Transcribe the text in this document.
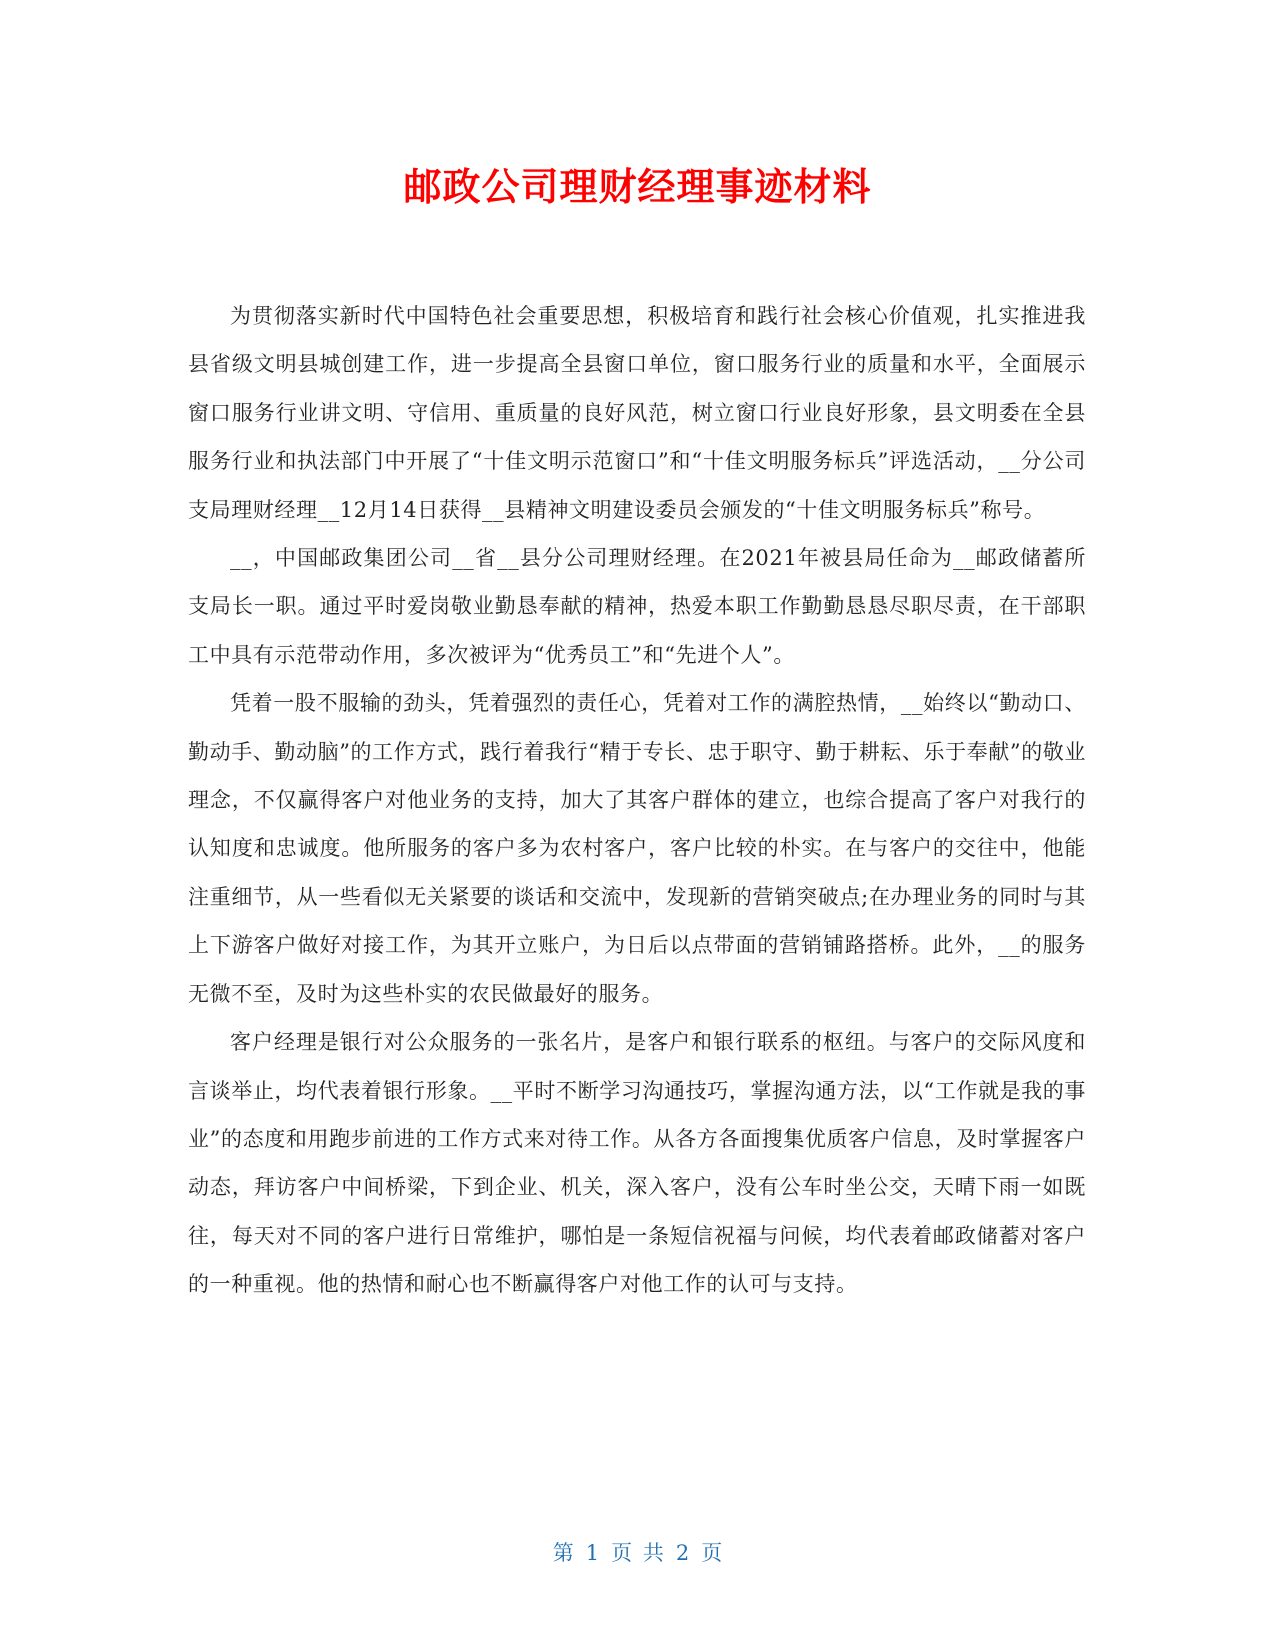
邮政公司理财经理事迹材料

为贯彻落实新时代中国特色社会重要思想，积极培育和践行社会核心价值观，扎实推进我县省级文明县城创建工作，进一步提高全县窗口单位，窗口服务行业的质量和水平，全面展示窗口服务行业讲文明、守信用、重质量的良好风范，树立窗口行业良好形象，县文明委在全县服务行业和执法部门中开展了“十佳文明示范窗口”和“十佳文明服务标兵”评选活动，__分公司支局理财经理__12月14日获得__县精神文明建设委员会颁发的“十佳文明服务标兵”称号。

__，中国邮政集团公司__省__县分公司理财经理。在2021年被县局任命为__邮政储蓄所支局长一职。通过平时爱岗敬业勤恳奉献的精神，热爱本职工作勤勤恳恳尽职尽责，在干部职工中具有示范带动作用，多次被评为“优秀员工”和“先进个人”。

凭着一股不服输的劲头，凭着强烈的责任心，凭着对工作的满腔热情，__始终以“勤动口、勤动手、勤动脑”的工作方式，践行着我行“精于专长、忠于职守、勤于耕耘、乐于奉献”的敬业理念，不仅赢得客户对他业务的支持，加大了其客户群体的建立，也综合提高了客户对我行的认知度和忠诚度。他所服务的客户多为农村客户，客户比较的朴实。在与客户的交往中，他能注重细节，从一些看似无关紧要的谈话和交流中，发现新的营销突破点;在办理业务的同时与其上下游客户做好对接工作，为其开立账户，为日后以点带面的营销铺路搭桥。此外，__的服务无微不至，及时为这些朴实的农民做最好的服务。

客户经理是银行对公众服务的一张名片，是客户和银行联系的枢纽。与客户的交际风度和言谈举止，均代表着银行形象。__平时不断学习沟通技巧，掌握沟通方法，以“工作就是我的事业”的态度和用跑步前进的工作方式来对待工作。从各方各面搜集优质客户信息，及时掌握客户动态，拜访客户中间桥梁，下到企业、机关，深入客户，没有公车时坐公交，天晴下雨一如既往，每天对不同的客户进行日常维护，哪怕是一条短信祝福与问候，均代表着邮政储蓄对客户的一种重视。他的热情和耐心也不断赢得客户对他工作的认可与支持。

第 1 页 共 2 页
